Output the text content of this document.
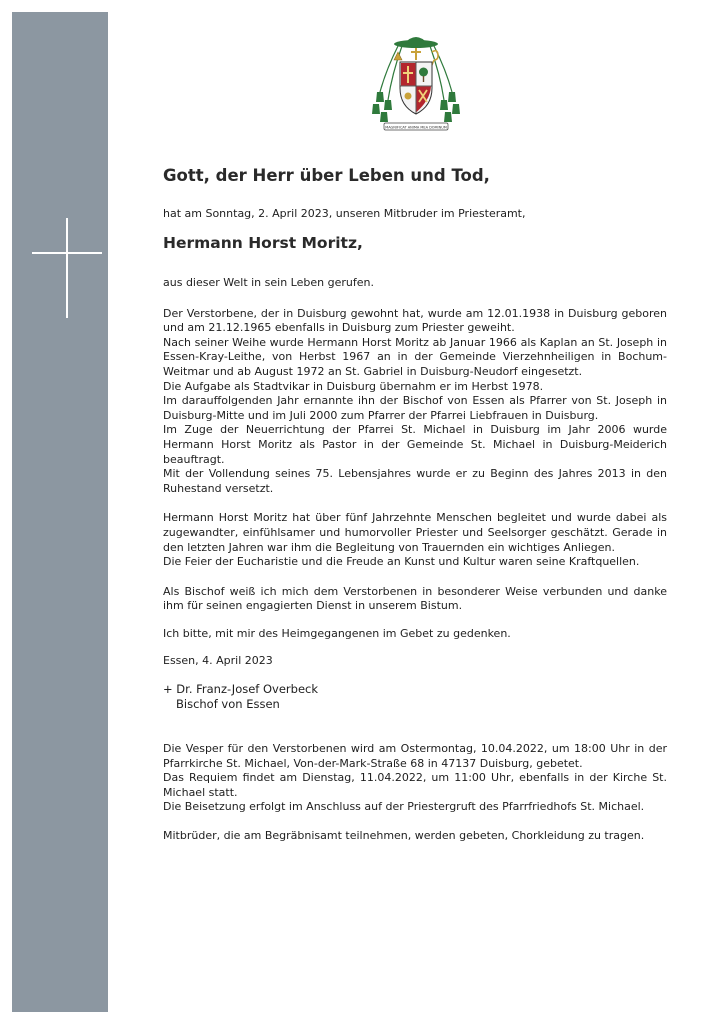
MAGNIFICAT ANIMA MEA DOMINUM
Gott, der Herr über Leben und Tod,

hat am Sonntag, 2. April 2023, unseren Mitbruder im Priesteramt,

Hermann Horst Moritz,

aus dieser Welt in sein Leben gerufen.

Der Verstorbene, der in Duisburg gewohnt hat, wurde am 12.01.1938 in Duisburg geboren und am 21.12.1965 ebenfalls in Duisburg zum Priester geweiht.

Nach seiner Weihe wurde Hermann Horst Moritz ab Januar 1966 als Kaplan an St. Joseph in Essen-Kray-Leithe, von Herbst 1967 an in der Gemeinde Vierzehnheiligen in Bochum-Weitmar und ab August 1972 an St. Gabriel in Duisburg-Neudorf eingesetzt.

Die Aufgabe als Stadtvikar in Duisburg übernahm er im Herbst 1978.

Im darauffolgenden Jahr ernannte ihn der Bischof von Essen als Pfarrer von St. Joseph in Duisburg-Mitte und im Juli 2000 zum Pfarrer der Pfarrei Liebfrauen in Duisburg.

Im Zuge der Neuerrichtung der Pfarrei St. Michael in Duisburg im Jahr 2006 wurde Hermann Horst Moritz als Pastor in der Gemeinde St. Michael in Duisburg-Meiderich beauftragt.

Mit der Vollendung seines 75. Lebensjahres wurde er zu Beginn des Jahres 2013 in den Ruhestand versetzt.

Hermann Horst Moritz hat über fünf Jahrzehnte Menschen begleitet und wurde dabei als zugewandter, einfühlsamer und humorvoller Priester und Seelsorger geschätzt. Gerade in den letzten Jahren war ihm die Begleitung von Trauernden ein wichtiges Anliegen.

Die Feier der Eucharistie und die Freude an Kunst und Kultur waren seine Kraftquellen.

Als Bischof weiß ich mich dem Verstorbenen in besonderer Weise verbunden und danke ihm für seinen engagierten Dienst in unserem Bistum.

Ich bitte, mit mir des Heimgegangenen im Gebet zu gedenken.

Essen, 4. April 2023

+ Dr. Franz-Josef Overbeck

Bischof von Essen

Die Vesper für den Verstorbenen wird am Ostermontag, 10.04.2022, um 18:00 Uhr in der Pfarrkirche St. Michael, Von-der-Mark-Straße 68 in 47137 Duisburg, gebetet.

Das Requiem findet am Dienstag, 11.04.2022, um 11:00 Uhr, ebenfalls in der Kirche St. Michael statt.

Die Beisetzung erfolgt im Anschluss auf der Priestergruft des Pfarrfriedhofs St. Michael.

Mitbrüder, die am Begräbnisamt teilnehmen, werden gebeten, Chorkleidung zu tragen.
